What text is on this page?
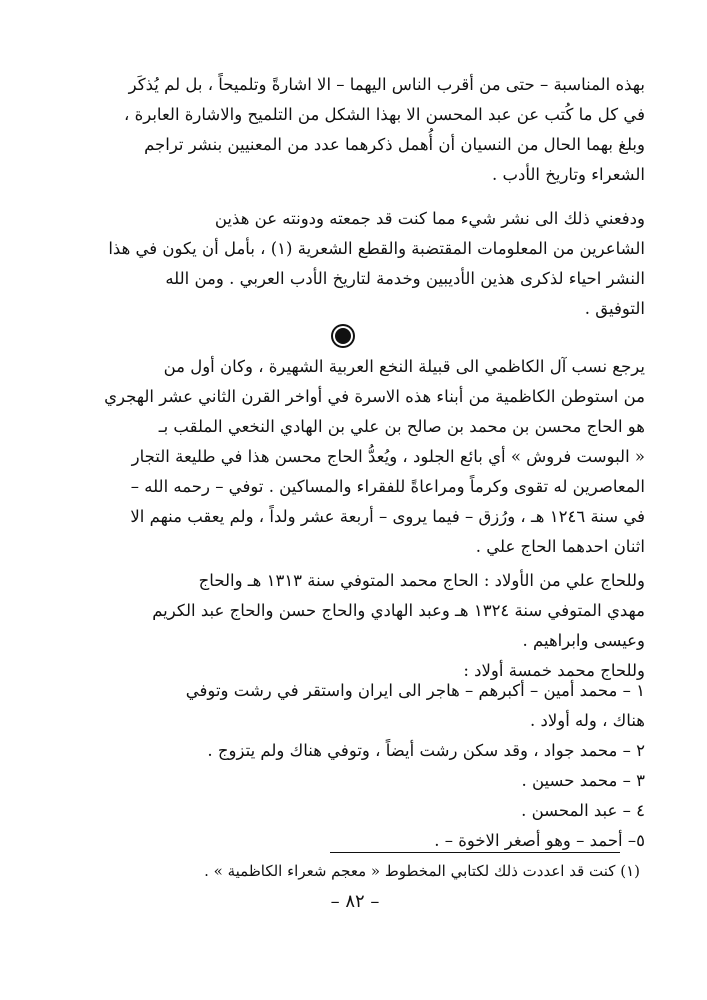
بهذه المناسبة – حتى من أقرب الناس اليهما – الا اشارةً وتلميحاً ، بل لم يُذكَر
في كل ما كُتب عن عبد المحسن الا بهذا الشكل من التلميح والاشارة العابرة ،
وبلغ بهما الحال من النسيان أن أُهمل ذكرهما عدد من المعنيين بنشر تراجم
الشعراء وتاريخ الأدب .
ودفعني ذلك الى نشر شيء مما كنت قد جمعته ودونته عن هذين
الشاعرين من المعلومات المقتضبة والقطع الشعرية (١) ، بأمل أن يكون في هذا
النشر احياء لذكرى هذين الأديبين وخدمة لتاريخ الأدب العربي . ومن الله
التوفيق .
يرجع نسب آل الكاظمي الى قبيلة النخع العربية الشهيرة ، وكان أول من
من استوطن الكاظمية من أبناء هذه الاسرة في أواخر القرن الثاني عشر الهجري
هو الحاج محسن بن محمد بن صالح بن علي بن الهادي النخعي الملقب بـ
« البوست فروش » أي بائع الجلود ، ويُعدُّ الحاج محسن هذا في طليعة التجار
المعاصرين له تقوى وكرماً ومراعاةً للفقراء والمساكين . توفي – رحمه الله –
في سنة ١٢٤٦ هـ ، ورُزق – فيما يروى – أربعة عشر ولداً ، ولم يعقب منهم الا
اثنان احدهما الحاج علي .
وللحاج علي من الأولاد : الحاج محمد المتوفي سنة ١٣١٣ هـ والحاج
مهدي المتوفي سنة ١٣٢٤ هـ وعبد الهادي والحاج حسن والحاج عبد الكريم
وعيسى وابراهيم .
وللحاج محمد خمسة أولاد :
١ – محمد أمين – أكبرهم – هاجر الى ايران واستقر في رشت وتوفي
هناك ، وله أولاد .
٢ – محمد جواد ، وقد سكن رشت أيضاً ، وتوفي هناك ولم يتزوج .
٣ – محمد حسين .
٤ – عبد المحسن .
٥– أحمد – وهو أصغر الاخوة – .
(١) كنت قد اعددت ذلك لكتابي المخطوط « معجم شعراء الكاظمية » .
– ٨٢ –
